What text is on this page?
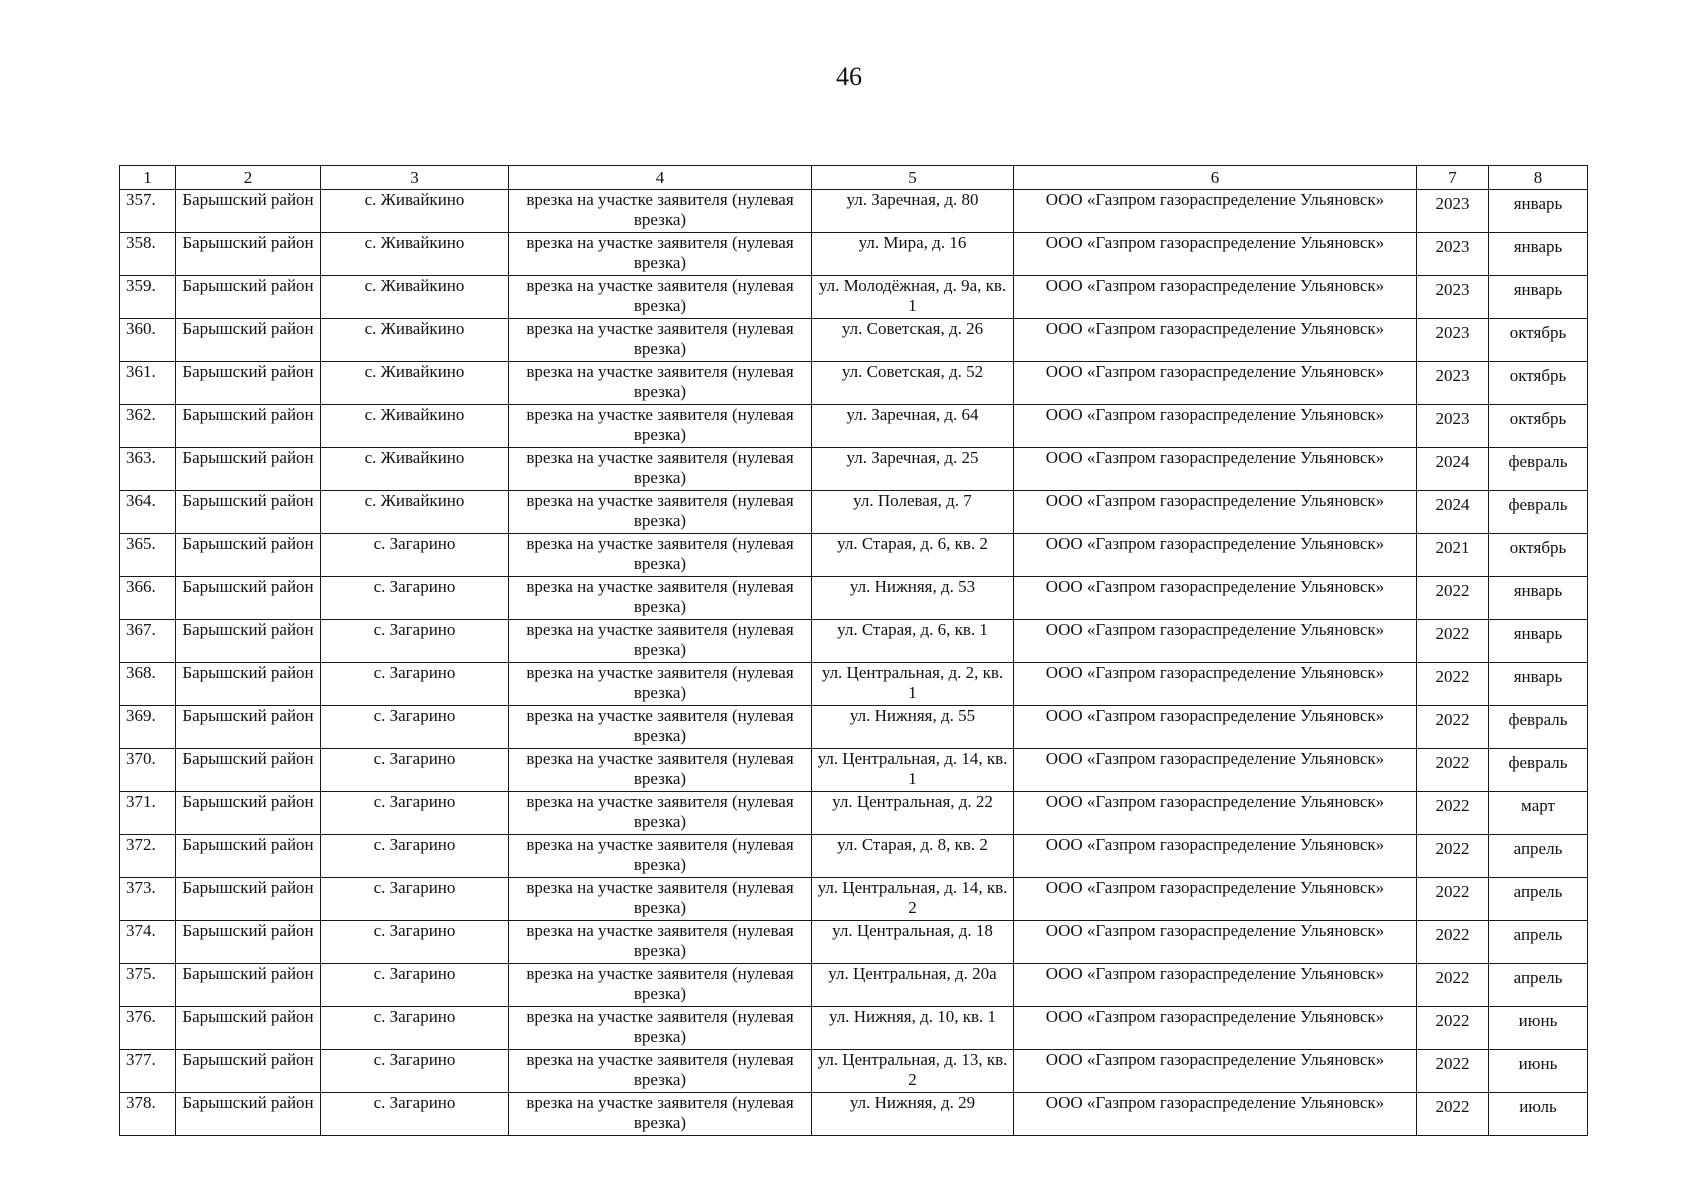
46
1	2	3	4	5	6	7	8
357.	Барышский район	с. Живайкино	врезка на участке заявителя (нулевая врезка)	ул. Заречная, д. 80	ООО «Газпром газораспределение Ульяновск»	2023	январь
358.	Барышский район	с. Живайкино	врезка на участке заявителя (нулевая врезка)	ул. Мира, д. 16	ООО «Газпром газораспределение Ульяновск»	2023	январь
359.	Барышский район	с. Живайкино	врезка на участке заявителя (нулевая врезка)	ул. Молодёжная, д. 9а, кв. 1	ООО «Газпром газораспределение Ульяновск»	2023	январь
360.	Барышский район	с. Живайкино	врезка на участке заявителя (нулевая врезка)	ул. Советская, д. 26	ООО «Газпром газораспределение Ульяновск»	2023	октябрь
361.	Барышский район	с. Живайкино	врезка на участке заявителя (нулевая врезка)	ул. Советская, д. 52	ООО «Газпром газораспределение Ульяновск»	2023	октябрь
362.	Барышский район	с. Живайкино	врезка на участке заявителя (нулевая врезка)	ул. Заречная, д. 64	ООО «Газпром газораспределение Ульяновск»	2023	октябрь
363.	Барышский район	с. Живайкино	врезка на участке заявителя (нулевая врезка)	ул. Заречная, д. 25	ООО «Газпром газораспределение Ульяновск»	2024	февраль
364.	Барышский район	с. Живайкино	врезка на участке заявителя (нулевая врезка)	ул. Полевая, д. 7	ООО «Газпром газораспределение Ульяновск»	2024	февраль
365.	Барышский район	с. Загарино	врезка на участке заявителя (нулевая врезка)	ул. Старая, д. 6, кв. 2	ООО «Газпром газораспределение Ульяновск»	2021	октябрь
366.	Барышский район	с. Загарино	врезка на участке заявителя (нулевая врезка)	ул. Нижняя, д. 53	ООО «Газпром газораспределение Ульяновск»	2022	январь
367.	Барышский район	с. Загарино	врезка на участке заявителя (нулевая врезка)	ул. Старая, д. 6, кв. 1	ООО «Газпром газораспределение Ульяновск»	2022	январь
368.	Барышский район	с. Загарино	врезка на участке заявителя (нулевая врезка)	ул. Центральная, д. 2, кв. 1	ООО «Газпром газораспределение Ульяновск»	2022	январь
369.	Барышский район	с. Загарино	врезка на участке заявителя (нулевая врезка)	ул. Нижняя, д. 55	ООО «Газпром газораспределение Ульяновск»	2022	февраль
370.	Барышский район	с. Загарино	врезка на участке заявителя (нулевая врезка)	ул. Центральная, д. 14, кв. 1	ООО «Газпром газораспределение Ульяновск»	2022	февраль
371.	Барышский район	с. Загарино	врезка на участке заявителя (нулевая врезка)	ул. Центральная, д. 22	ООО «Газпром газораспределение Ульяновск»	2022	март
372.	Барышский район	с. Загарино	врезка на участке заявителя (нулевая врезка)	ул. Старая, д. 8, кв. 2	ООО «Газпром газораспределение Ульяновск»	2022	апрель
373.	Барышский район	с. Загарино	врезка на участке заявителя (нулевая врезка)	ул. Центральная, д. 14, кв. 2	ООО «Газпром газораспределение Ульяновск»	2022	апрель
374.	Барышский район	с. Загарино	врезка на участке заявителя (нулевая врезка)	ул. Центральная, д. 18	ООО «Газпром газораспределение Ульяновск»	2022	апрель
375.	Барышский район	с. Загарино	врезка на участке заявителя (нулевая врезка)	ул. Центральная, д. 20а	ООО «Газпром газораспределение Ульяновск»	2022	апрель
376.	Барышский район	с. Загарино	врезка на участке заявителя (нулевая врезка)	ул. Нижняя, д. 10, кв. 1	ООО «Газпром газораспределение Ульяновск»	2022	июнь
377.	Барышский район	с. Загарино	врезка на участке заявителя (нулевая врезка)	ул. Центральная, д. 13, кв. 2	ООО «Газпром газораспределение Ульяновск»	2022	июнь
378.	Барышский район	с. Загарино	врезка на участке заявителя (нулевая врезка)	ул. Нижняя, д. 29	ООО «Газпром газораспределение Ульяновск»	2022	июль
